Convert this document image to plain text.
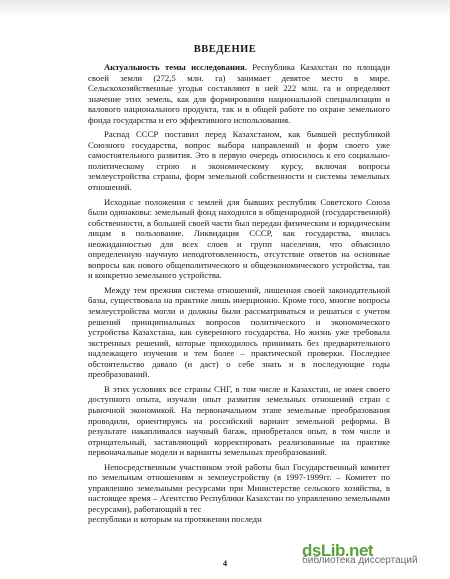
ВВЕДЕНИЕ

Актуальность темы исследования. Республика Казахстан по площади своей земли (272,5 млн. га) занимает девятое место в мире. Сельскохозяйственные угодья составляют в ней 222 млн. га и определяют значение этих земель, как для формирования национальной специализации и валового национального продукта, так и в общей работе по охране земельного фонда государства и его эффективного использования.

Распад СССР поставил перед Казахстаном, как бывшей республикой Союзного государства, вопрос выбора направлений и форм своего уже самостоятельного развития. Это в первую очередь относилось к его социально-политическому строю и экономическому курсу, включая вопросы землеустройства страны, форм земельной собственности и системы земельных отношений.

Исходные положения с землей для бывших республик Советского Союза были одинаковы: земельный фонд находился в общенародной (государственной) собственности, в большей своей части был передан физическим и юридическим лицам в пользование. Ликвидация СССР, как государства, явилась неожиданностью для всех слоев и групп населения, что объяснило определенную научную неподготовленность, отсутствие ответов на основные вопросы как нового общеполитического и общеэкономического устройства, так и конкретно земельного устройства.

Между тем прежняя система отношений, лишенная своей законодательной базы, существовала на практике лишь инерционно. Кроме того, многие вопросы землеустройства могли и должны были рассматриваться и решаться с учетом решений принципиальных вопросов политического и экономического устройства Казахстана, как суверенного государства. Но жизнь уже требовала экстренных решений, которые приходилось принимать без предварительного надлежащего изучения и тем более – практической проверки. Последнее обстоятельство давало (и даст) о себе знать и в последующие годы преобразований.

В этих условиях все страны СНГ, в том числе и Казахстан, не имея своего доступного опыта, изучали опыт развития земельных отношений стран с рыночной экономикой. На первоначальном этапе земельные преобразования проводили, ориентируясь на российский вариант земельной реформы. В результате накапливался научный багаж, приобретался опыт, в том числе и отрицательный, заставляющий корректировать реализованные на практике первоначальные модели и варианты земельных преобразований.

Непосредственным участником этой работы был Государственный комитет по земельным отношениям и землеустройству (в 1997-1999гг. – Комитет по управлению земельными ресурсами при Министерстве сельского хозяйства, в настоящее время – Агентство Республики Казахстан по управлению земельными ресурсами), работающий в тес

республики и которым на протяжении последн

4
dsLib.net
библиотека диссертаций
